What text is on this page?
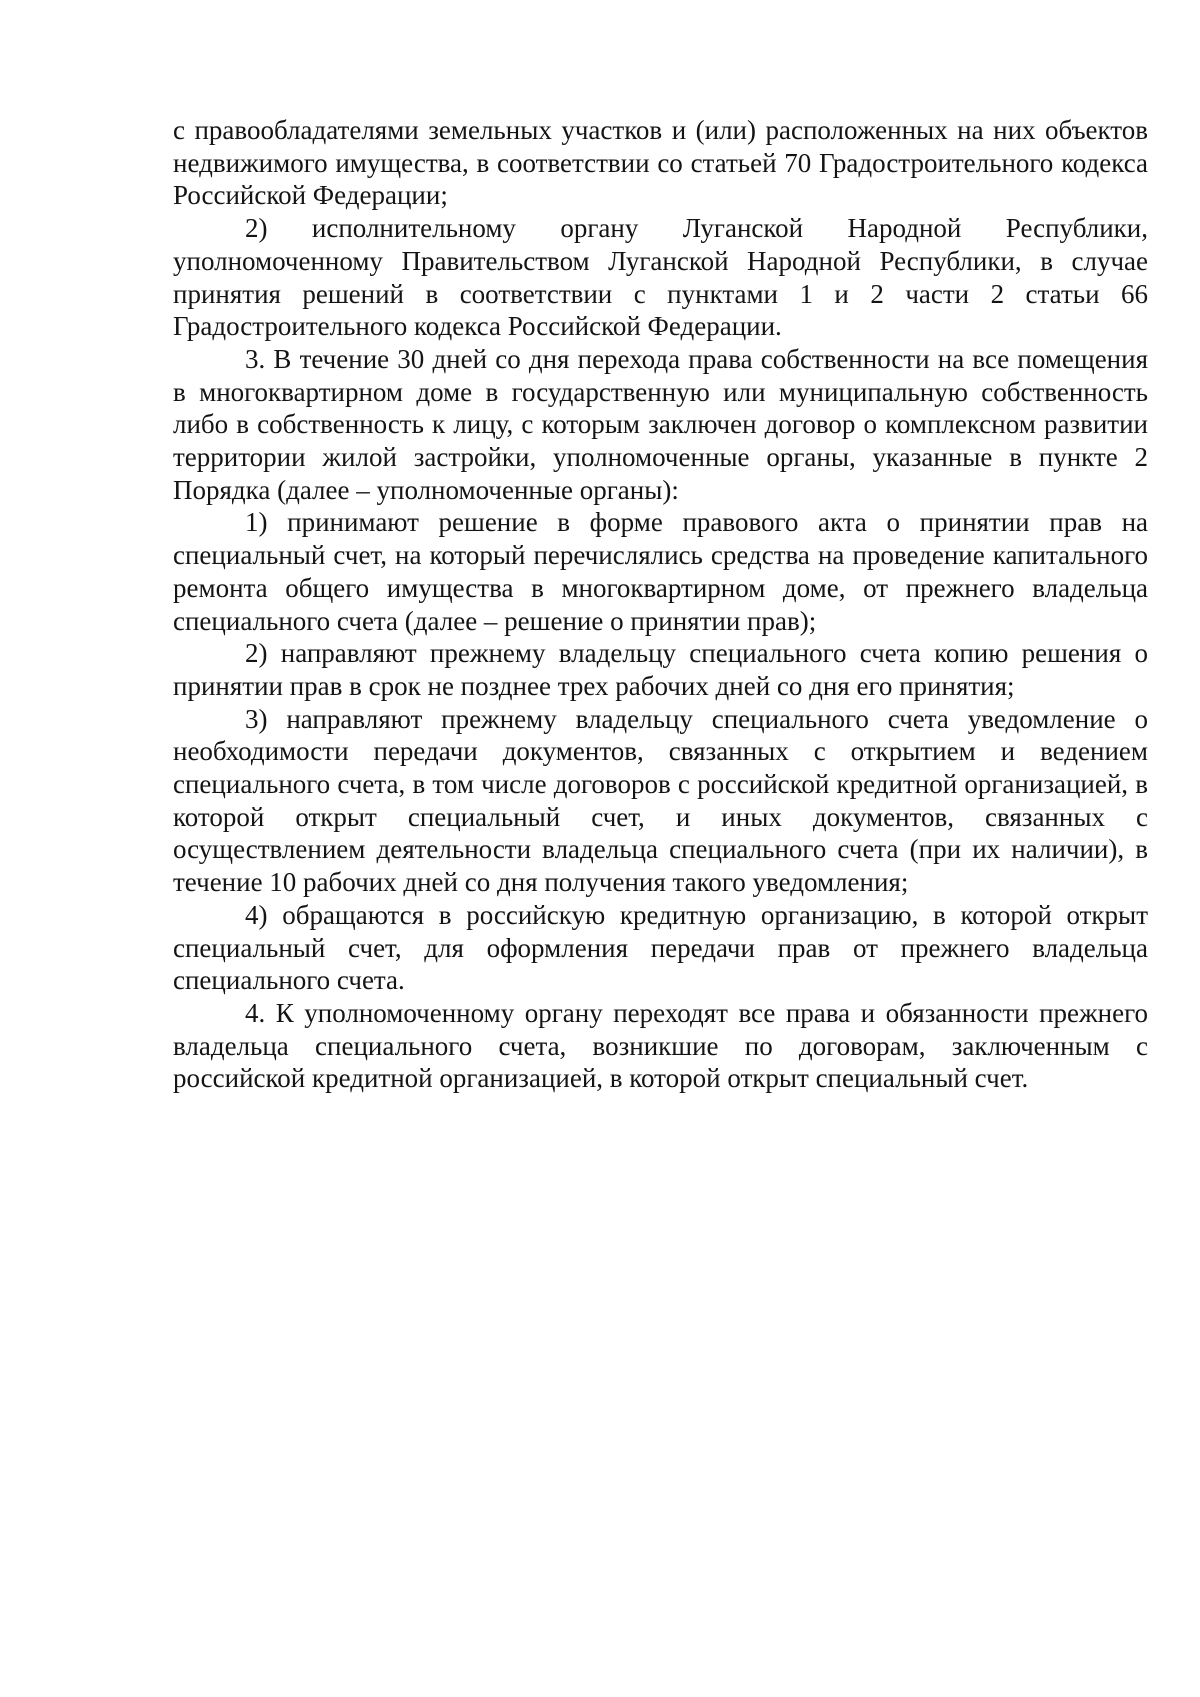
с правообладателями земельных участков и (или) расположенных на них объектов недвижимого имущества, в соответствии со статьей 70 Градостроительного кодекса Российской Федерации;

2) исполнительному органу Луганской Народной Республики, уполномоченному Правительством Луганской Народной Республики, в случае принятия решений в соответствии с пунктами 1 и 2 части 2 статьи 66 Градостроительного кодекса Российской Федерации.

3. В течение 30 дней со дня перехода права собственности на все помещения в многоквартирном доме в государственную или муниципальную собственность либо в собственность к лицу, с которым заключен договор о комплексном развитии территории жилой застройки, уполномоченные органы, указанные в пункте 2 Порядка (далее – уполномоченные органы):

1) принимают решение в форме правового акта о принятии прав на специальный счет, на который перечислялись средства на проведение капитального ремонта общего имущества в многоквартирном доме, от прежнего владельца специального счета (далее – решение о принятии прав);

2) направляют прежнему владельцу специального счета копию решения о принятии прав в срок не позднее трех рабочих дней со дня его принятия;

3) направляют прежнему владельцу специального счета уведомление о необходимости передачи документов, связанных с открытием и ведением специального счета, в том числе договоров с российской кредитной организацией, в которой открыт специальный счет, и иных документов, связанных с осуществлением деятельности владельца специального счета (при их наличии), в течение 10 рабочих дней со дня получения такого уведомления;

4) обращаются в российскую кредитную организацию, в которой открыт специальный счет, для оформления передачи прав от прежнего владельца специального счета.

4. К уполномоченному органу переходят все права и обязанности прежнего владельца специального счета, возникшие по договорам, заключенным с российской кредитной организацией, в которой открыт специальный счет.
